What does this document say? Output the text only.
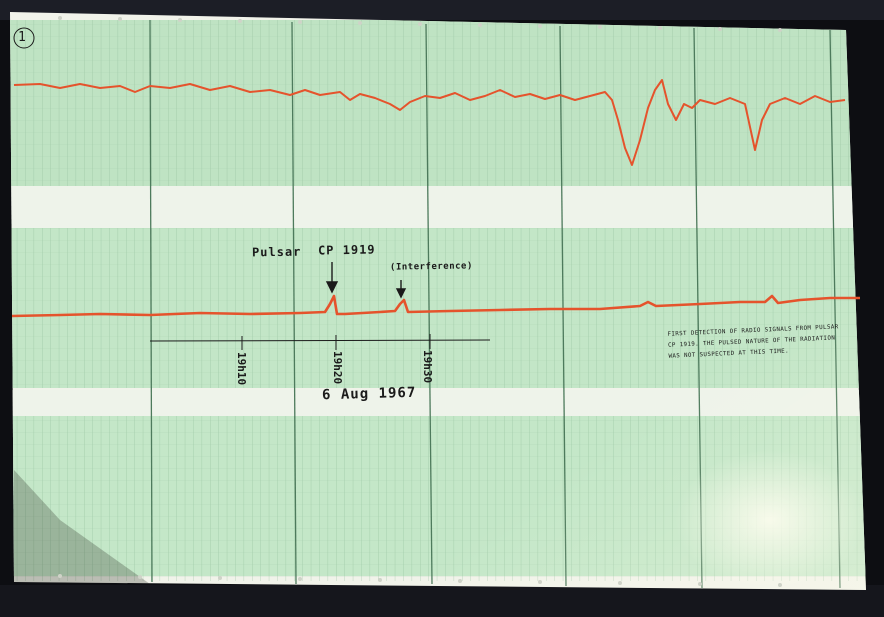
1
Pulsar CP 1919
(Interference)
19h10	19h20	19h30
6 Aug 1967
FIRST DETECTION OF RADIO SIGNALS FROM PULSAR CP 1919. THE PULSED NATURE OF THE RADIATION WAS NOT SUSPECTED AT THIS TIME.
